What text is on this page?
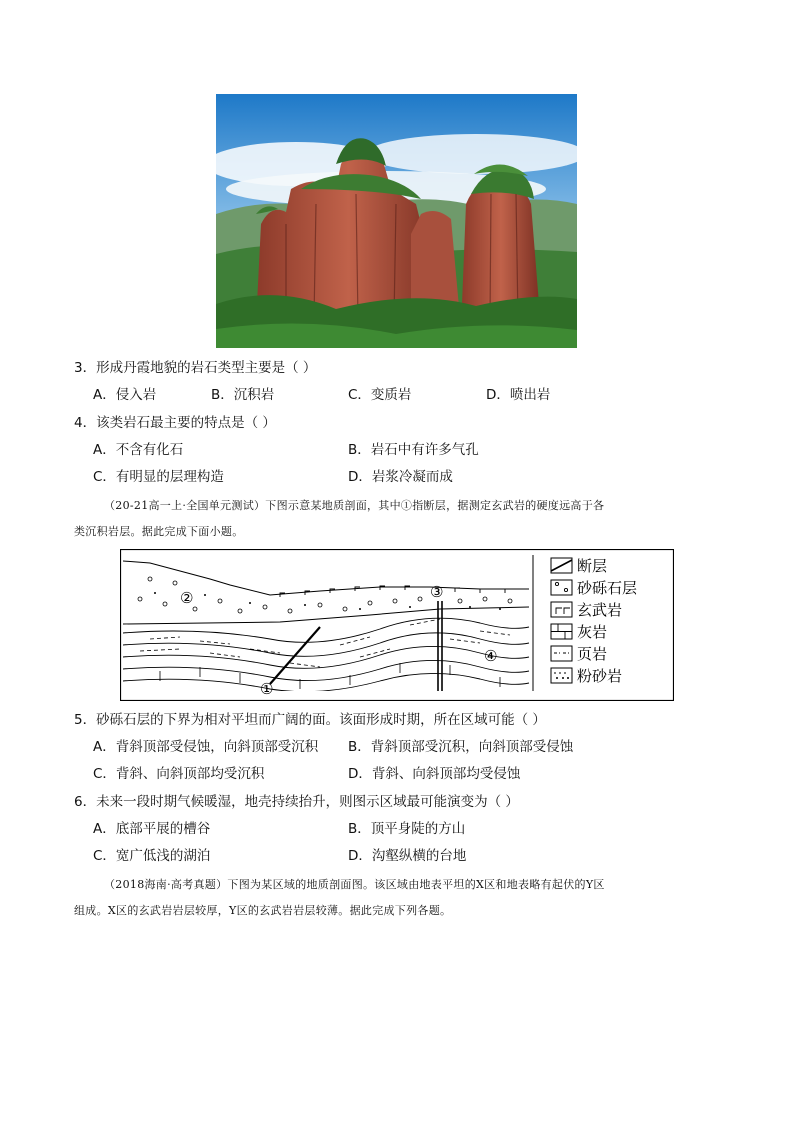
3．形成丹霞地貌的岩石类型主要是（ ）
A．侵入岩	B．沉积岩	C．变质岩	D．喷出岩
4．该类岩石最主要的特点是（ ）
A．不含有化石	B．岩石中有许多气孔
C．有明显的层理构造	D．岩浆冷凝而成
（20-21高一上·全国单元测试）下图示意某地质剖面，其中①指断层，据测定玄武岩的硬度远高于各
类沉积岩层。据此完成下面小题。
①
②	③
④
断层
砂砾石层
玄武岩
灰岩
页岩
粉砂岩
5．砂砾石层的下界为相对平坦而广阔的面。该面形成时期，所在区域可能（ ）
A．背斜顶部受侵蚀，向斜顶部受沉积 B．背斜顶部受沉积，向斜顶部受侵蚀
C．背斜、向斜顶部均受沉积	D．背斜、向斜顶部均受侵蚀
6．未来一段时期气候暖湿，地壳持续抬升，则图示区域最可能演变为（ ）
A．底部平展的槽谷	B．顶平身陡的方山
C．宽广低浅的湖泊	D．沟壑纵横的台地
（2018海南·高考真题）下图为某区域的地质剖面图。该区域由地表平坦的X区和地表略有起伏的Y区
组成。X区的玄武岩岩层较厚，Y区的玄武岩岩层较薄。据此完成下列各题。
